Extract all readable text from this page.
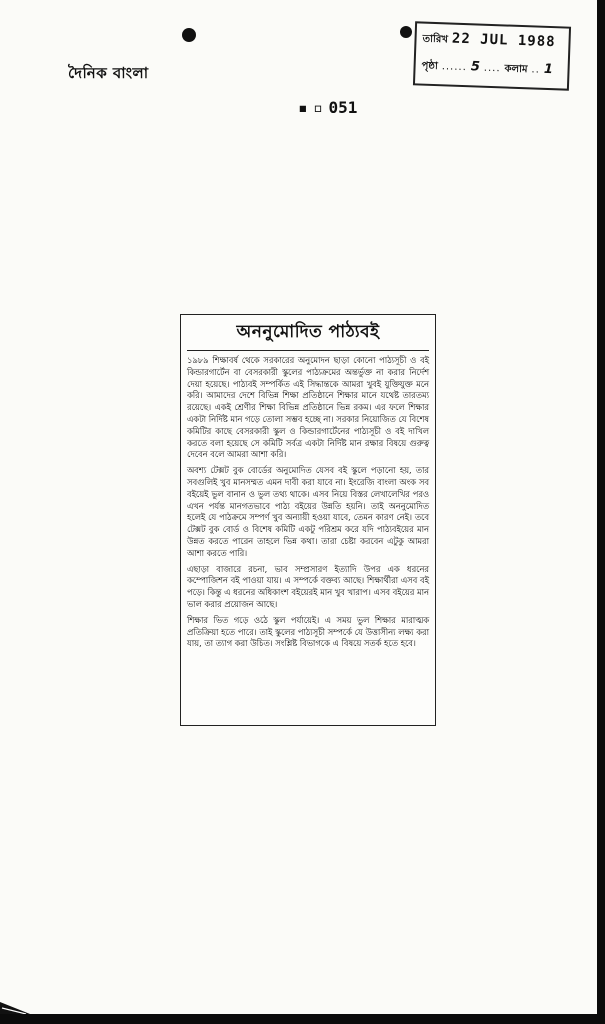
দৈনিক বাংলা
▪ ▫ 051
তারিখ 22 JUL 1988
পৃষ্ঠা ...... 5 .... কলাম .. 1
অননুমোদিত পাঠ্যবই

১৯৮৯ শিক্ষাবর্ষ থেকে সরকারের অনুমোদন ছাড়া কোনো পাঠ্যসূচী ও বই কিন্ডারগার্টেন বা বেসরকারী স্কুলের পাঠ্যক্রমের অন্তর্ভুক্ত না করার নির্দেশ দেয়া হয়েছে। পাঠ্যবই সম্পর্কিত এই সিদ্ধান্তকে আমরা খুবই যুক্তিযুক্ত মনে করি। আমাদের দেশে বিভিন্ন শিক্ষা প্রতিষ্ঠানে শিক্ষার মানে যথেষ্ট তারতম্য রয়েছে। একই শ্রেণীর শিক্ষা বিভিন্ন প্রতিষ্ঠানে ভিন্ন রকম। এর ফলে শিক্ষার একটা নির্দিষ্ট মান গড়ে তোলা সম্ভব হচ্ছে না। সরকার নিয়োজিত যে বিশেষ কমিটির কাছে বেসরকারী স্কুল ও কিন্ডারগার্টেনের পাঠ্যসূচী ও বই দাখিল করতে বলা হয়েছে সে কমিটি সর্বত্র একটা নির্দিষ্ট মান রক্ষার বিষয়ে গুরুত্ব দেবেন বলে আমরা আশা করি।

অবশ্য টেক্সট বুক বোর্ডের অনুমোদিত যেসব বই স্কুলে পড়ানো হয়, তার সবগুলিই খুব মানসম্মত এমন দাবী করা যাবে না। ইংরেজি বাংলা অংক সব বইয়েই ভুল বানান ও ভুল তথ্য থাকে। এসব নিয়ে বিস্তর লেখালেখির পরও এখন পর্যন্ত মানগতভাবে পাঠ্য বইয়ের উন্নতি হয়নি। তাই অননুমোদিত হলেই যে পাঠক্রমে সম্পর্ণ খুব অন্যায়ী হওয়া যাবে, তেমন কারণ নেই। তবে টেক্সট বুক বোর্ড ও বিশেষ কমিটি একটু পরিশ্রম করে যদি পাঠ্যবইয়ের মান উন্নত করতে পারেন তাহলে ভিন্ন কথা। তারা চেষ্টা করবেন এটুকু আমরা আশা করতে পারি।

এছাড়া বাজারে রচনা, ভাব সম্প্রসারণ ইত্যাদি উপর এক ধরনের কম্পোজিশন বই পাওয়া যায়। এ সম্পর্কে বক্তব্য আছে। শিক্ষার্থীরা এসব বই পড়ে। কিন্তু এ ধরনের অধিকাংশ বইয়েরই মান খুব খারাপ। এসব বইয়ের মান ভাল করার প্রয়োজন আছে।

শিক্ষার ভিত গড়ে ওঠে স্কুল পর্যায়েই। এ সময় ভুল শিক্ষার মারাত্মক প্রতিক্রিয়া হতে পারে। তাই স্কুলের পাঠ্যসূচী সম্পর্কে যে উত্তাসীন্য লক্ষ্য করা যায়, তা ত্যাগ করা উচিত। সংশ্লিষ্ট বিভাগকে এ বিষয়ে সতর্ক হতে হবে।
